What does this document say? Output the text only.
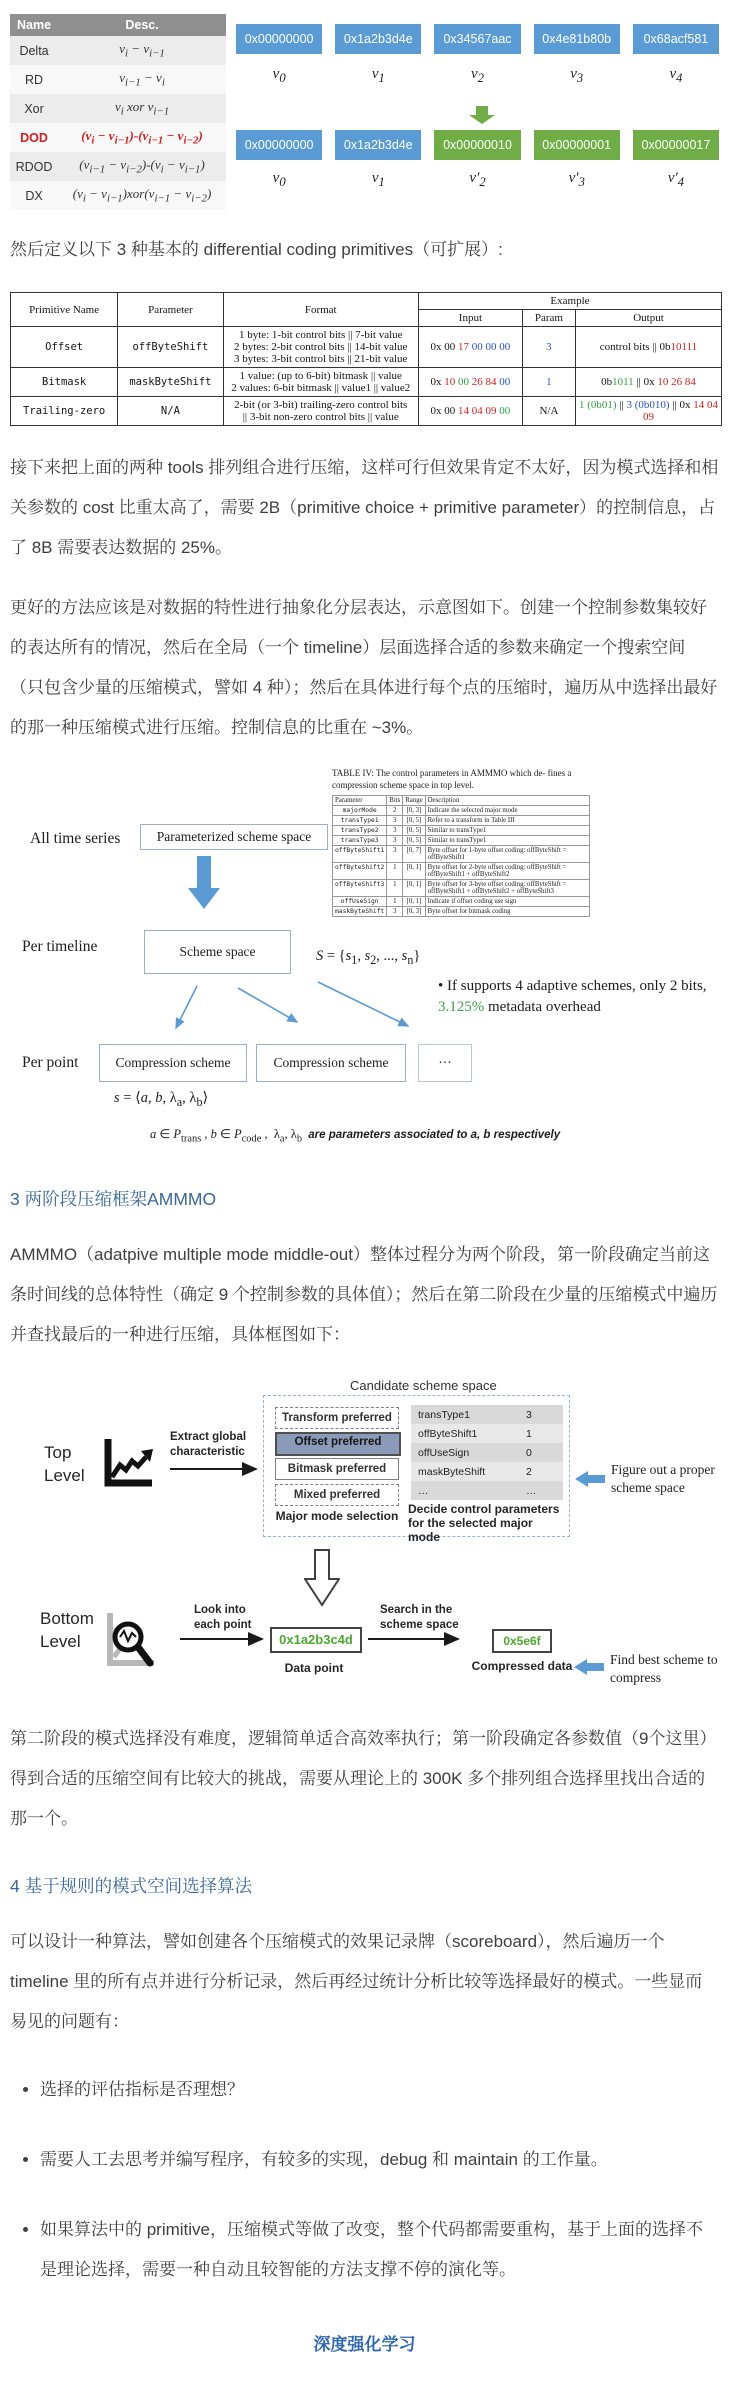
Name	Desc.
Delta	$v_i - v_{i-1}$
RD	$v_{i-1} - v_i$
Xor	$v_i$ xor $v_{i-1}$
DOD	$(v_i - v_{i-1})-(v_{i-1} - v_{i-2})$
RDOD	$(v_{i-1} - v_{i-2})-(v_i - v_{i-1})$
DX	$(v_i - v_{i-1})xor(v_{i-1} - v_{i-2})$
0x00000000	0x1a2b3d4e	0x34567aac	0x4e81b80b	0x68acf581
$v_0$	$v_1$	$v_2$	$v_3$	$v_4$
0x00000000	0x1a2b3d4e	0x00000010	0x00000001	0x00000017
$v_0$	$v_1$	$v'_2$	$v'_3$	$v'_4$

然后定义以下 3 种基本的 differential coding primitives（可扩展）:

Primitive Name	Parameter	Format	Example		
			Input	Param	Output
Offset	offByteShift	1 byte: 1-bit control bits || 7-bit value
2 bytes: 2-bit control bits || 14-bit value
3 bytes: 3-bit control bits || 21-bit value	0x 00 17 00 00 00	3	control bits || 0b10111
Bitmask	maskByteShift	1 value: (up to 6-bit) bitmask || value
2 values: 6-bit bitmask || value1 || value2	0x 10 00 26 84 00	1	0b1011 || 0x 10 26 84
Trailing-zero	N/A	2-bit (or 3-bit) trailing-zero control bits
|| 3-bit non-zero control bits || value	0x 00 14 04 09 00	N/A	1 (0b01) || 3 (0b010) || 0x 14 04 09

接下来把上面的两种 tools 排列组合进行压缩，这样可行但效果肯定不太好，因为模式选择和相关参数的 cost 比重太高了，需要 2B（primitive choice + primitive parameter）的控制信息，占了 8B 需要表达数据的 25%。

更好的方法应该是对数据的特性进行抽象化分层表达，示意图如下。创建一个控制参数集较好的表达所有的情况，然后在全局（一个 timeline）层面选择合适的参数来确定一个搜索空间（只包含少量的压缩模式，譬如 4 种）；然后在具体进行每个点的压缩时，遍历从中选择出最好的那一种压缩模式进行压缩。控制信息的比重在 ~3%。

TABLE IV: The control parameters in AMMMO which de- fines a compression scheme space in top level.
Parameter	Bits	Range	Description
majorMode	2	[0, 3]	Indicate the selected major mode
transType1	3	[0, 5]	Refer to a transform in Table III
transType2	3	[0, 5]	Similar to transType1
transType3	3	[0, 5]	Similar to transType1
offByteShift1	3	[0, 7]	Byte offset for 1-byte offset coding: offByteShift = offByteShift1
offByteShift2	1	[0, 1]	Byte offset for 2-byte offset coding: offByteShift = offByteShift1 + offByteShift2
offByteShift3	1	[0, 1]	Byte offset for 3-byte offset coding: offByteShift = offByteShift1 + offByteShift2 + offByteShift3
offUseSign	1	[0, 1]	Indicate if offset coding use sign
maskByteShift	3	[0, 3]	Byte offset for bitmask coding
All time series	Parameterized scheme space
Per timeline	Scheme space	$S = \{s_1$, $s_2$, ..., $s_n$}
• If supports 4 adaptive schemes, only 2 bits, 3.125% metadata overhead
Per point	Compression scheme	Compression scheme	···
s = ⟨a, b, $\lambda_a$, $\lambda_b⟩$
a ∈ $P_{trans}$ , b ∈ $P_{code}$ ,  $\lambda_a$, $\lambda_b$ are parameters associated to a, b respectively
3 两阶段压缩框架AMMMO

AMMMO（adatpive multiple mode middle-out）整体过程分为两个阶段，第一阶段确定当前这条时间线的总体特性（确定 9 个控制参数的具体值）；然后在第二阶段在少量的压缩模式中遍历并查找最后的一种进行压缩，具体框图如下：

Candidate scheme space
Transform preferred
Offset preferred
Bitmask preferred
Mixed preferred
Major mode selection
transType1	3
offByteShift1	1
offUseSign	0
maskByteShift	2
…	…
Decide control parameters for the selected major mode
Top Level
Extract global characteristic
Figure out a proper scheme space
Bottom Level
Look into each point
0x1a2b3c4d
Data point
Search in the scheme space
0x5e6f
Compressed data	Find best scheme to compress

第二阶段的模式选择没有难度，逻辑简单适合高效率执行；第一阶段确定各参数值（9个这里）得到合适的压缩空间有比较大的挑战，需要从理论上的 300K 多个排列组合选择里找出合适的那一个。

4 基于规则的模式空间选择算法

可以设计一种算法，譬如创建各个压缩模式的效果记录牌（scoreboard），然后遍历一个 timeline 里的所有点并进行分析记录，然后再经过统计分析比较等选择最好的模式。一些显而易见的问题有：

• 选择的评估指标是否理想？
• 需要人工去思考并编写程序，有较多的实现，debug 和 maintain 的工作量。
• 如果算法中的 primitive，压缩模式等做了改变，整个代码都需要重构，基于上面的选择不是理论选择，需要一种自动且较智能的方法支撑不停的演化等。
深度强化学习
